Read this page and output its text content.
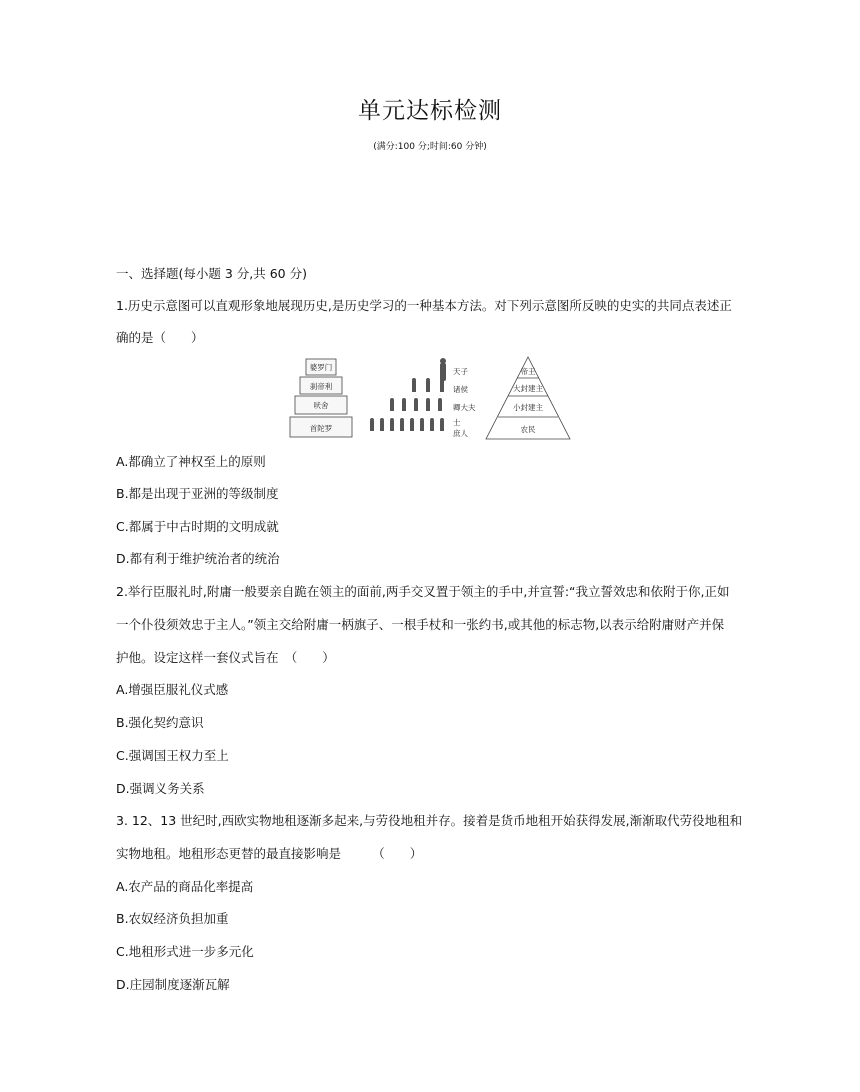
单元达标检测
(满分:100 分;时间:60 分钟)
一、选择题(每小题 3 分,共 60 分)
1.历史示意图可以直观形象地展现历史,是历史学习的一种基本方法。对下列示意图所反映的史实的共同点表述正
确的是（　　）
婆罗门
刹帝利
吠舍
首陀罗
天子
诸侯
卿大夫
士
庶人
帝王
大封建主
小封建主
农民
A.都确立了神权至上的原则
B.都是出现于亚洲的等级制度
C.都属于中古时期的文明成就
D.都有利于维护统治者的统治
2.举行臣服礼时,附庸一般要亲自跪在领主的面前,两手交叉置于领主的手中,并宣誓:“我立誓效忠和依附于你,正如
一个仆役须效忠于主人。”领主交给附庸一柄旗子、一根手杖和一张约书,或其他的标志物,以表示给附庸财产并保
护他。设定这样一套仪式旨在　（　　）
A.增强臣服礼仪式感
B.强化契约意识
C.强调国王权力至上
D.强调义务关系
3. 12、13 世纪时,西欧实物地租逐渐多起来,与劳役地租并存。接着是货币地租开始获得发展,渐渐取代劳役地租和
实物地租。地租形态更替的最直接影响是　　　（　　）
A.农产品的商品化率提高
B.农奴经济负担加重
C.地租形式进一步多元化
D.庄园制度逐渐瓦解
